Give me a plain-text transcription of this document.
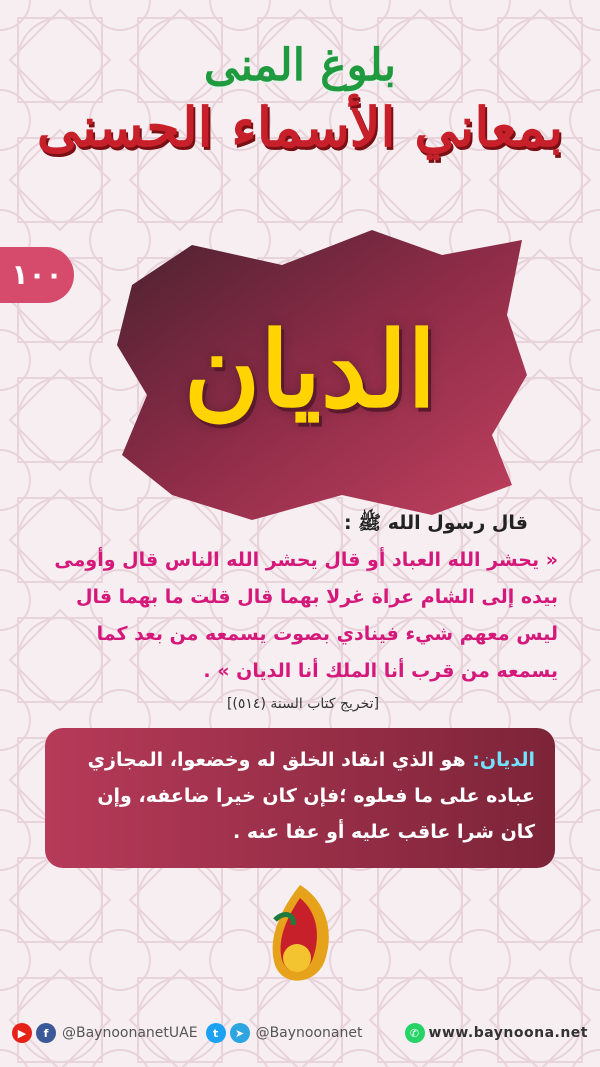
بلوغ المنى
بمعاني الأسماء الحسنى
١٠٠
الديان
قال رسول الله ﷺ :
« يحشر الله العباد أو قال يحشر الله الناس قال وأومى بيده إلى الشام عراة غرلا بهما قال قلت ما بهما قال ليس معهم شيء فينادي بصوت يسمعه من بعد كما يسمعه من قرب أنا الملك أنا الديان » .
[تخريج كتاب السنة (٥١٤)]
الديان: هو الذي انقاد الخلق له وخضعوا، المجازي عباده على ما فعلوه ؛فإن كان خيرا ضاعفه، وإن كان شرا عاقب عليه أو عفا عنه .
▶	f @BaynoonanetUAE	t	➤ @Baynoonanet	✆ www.baynoona.net
